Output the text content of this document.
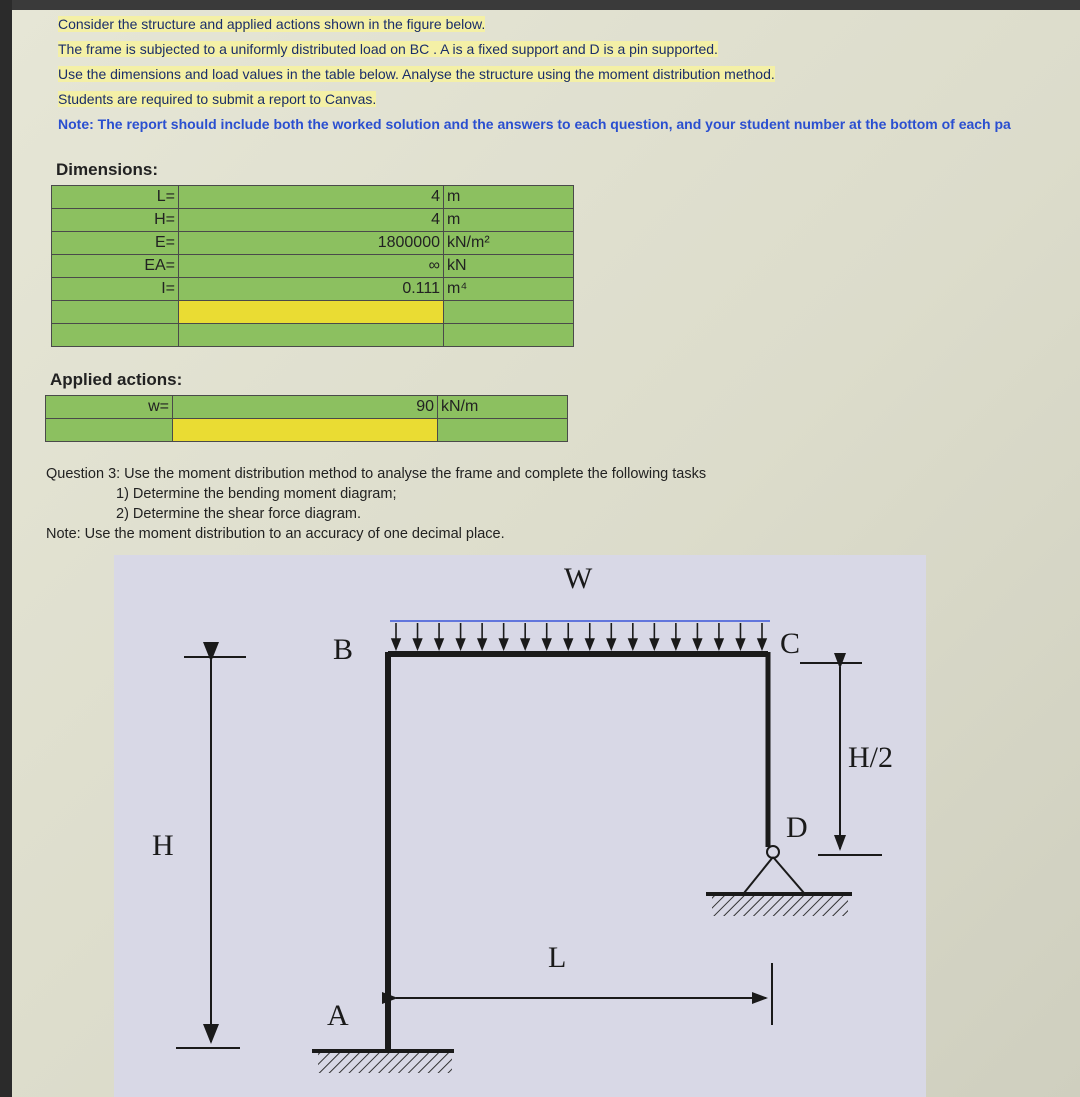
Consider the structure and applied actions shown in the figure below.
The frame is subjected to a uniformly distributed load on BC . A is a fixed support and D is a pin supported.
Use the dimensions and load values in the table below. Analyse the structure using the moment distribution method.
Students are required to submit a report to Canvas.
Note: The report should include both the worked solution and the answers to each question, and your student number at the bottom of each pa
Dimensions:
L=	4	m
H=	4	m
E=	1800000	kN/m²
EA=	∞	kN
I=	0.111	m⁴

Applied actions:
w=	90	kN/m

Question 3: Use the moment distribution method to analyse the frame and complete the following tasks
1) Determine the bending moment diagram;
2) Determine the shear force diagram.
Note: Use the moment distribution to an accuracy of one decimal place.
W
B	C
D
A
H
H/2
L
